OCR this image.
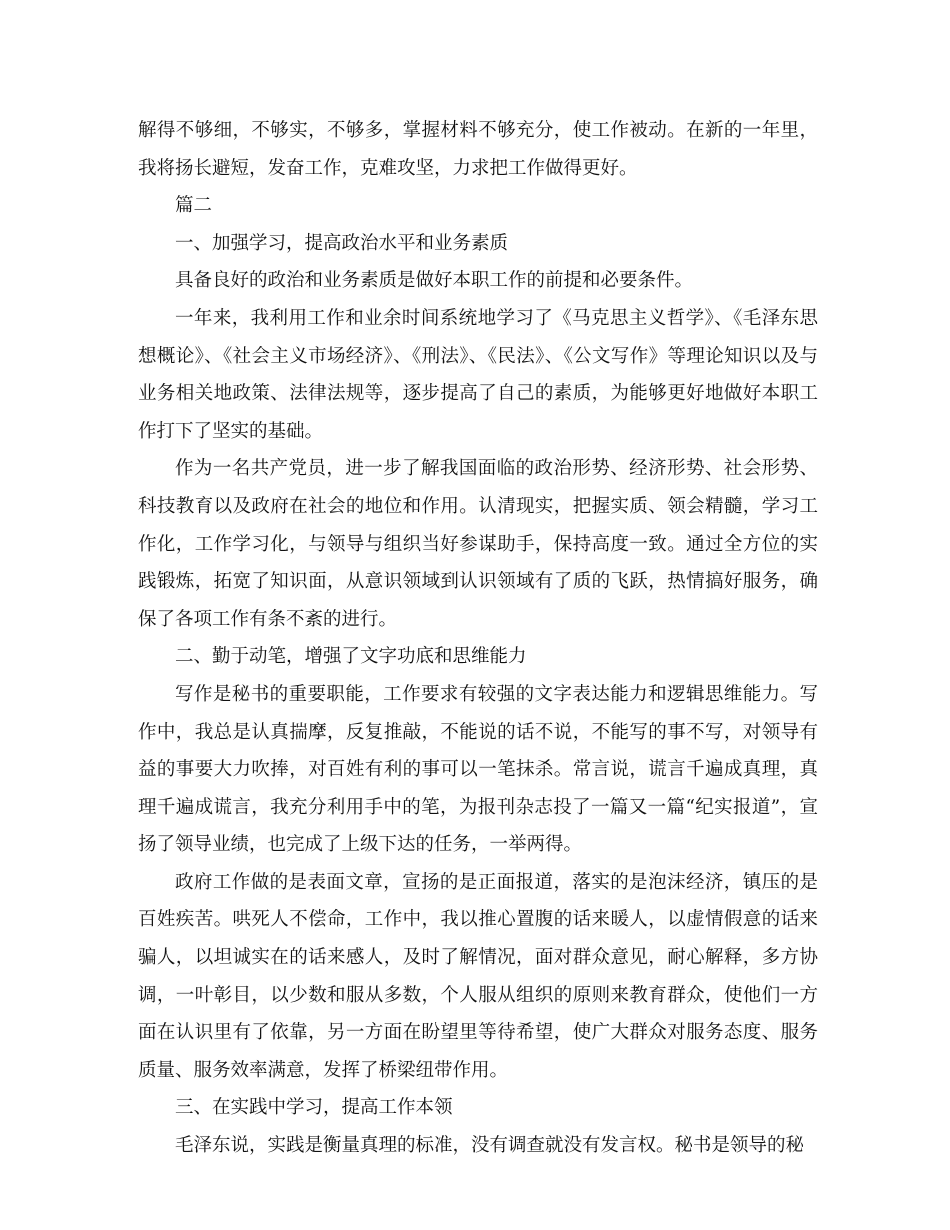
解得不够细，不够实，不够多，掌握材料不够充分，使工作被动。在新的一年里，我将扬长避短，发奋工作，克难攻坚，力求把工作做得更好。

篇二

一、加强学习，提高政治水平和业务素质

具备良好的政治和业务素质是做好本职工作的前提和必要条件。

一年来，我利用工作和业余时间系统地学习了《马克思主义哲学》、《毛泽东思想概论》、《社会主义市场经济》、《刑法》、《民法》、《公文写作》等理论知识以及与业务相关地政策、法律法规等，逐步提高了自己的素质，为能够更好地做好本职工作打下了坚实的基础。

作为一名共产党员，进一步了解我国面临的政治形势、经济形势、社会形势、科技教育以及政府在社会的地位和作用。认清现实，把握实质、领会精髓，学习工作化，工作学习化，与领导与组织当好参谋助手，保持高度一致。通过全方位的实践锻炼，拓宽了知识面，从意识领域到认识领域有了质的飞跃，热情搞好服务，确保了各项工作有条不紊的进行。

二、勤于动笔，增强了文字功底和思维能力

写作是秘书的重要职能，工作要求有较强的文字表达能力和逻辑思维能力。写作中，我总是认真揣摩，反复推敲，不能说的话不说，不能写的事不写，对领导有益的事要大力吹捧，对百姓有利的事可以一笔抹杀。常言说，谎言千遍成真理，真理千遍成谎言，我充分利用手中的笔，为报刊杂志投了一篇又一篇“纪实报道”，宣扬了领导业绩，也完成了上级下达的任务，一举两得。

政府工作做的是表面文章，宣扬的是正面报道，落实的是泡沫经济，镇压的是百姓疾苦。哄死人不偿命，工作中，我以推心置腹的话来暖人，以虚情假意的话来骗人，以坦诚实在的话来感人，及时了解情况，面对群众意见，耐心解释，多方协调，一叶彰目，以少数和服从多数，个人服从组织的原则来教育群众，使他们一方面在认识里有了依靠，另一方面在盼望里等待希望，使广大群众对服务态度、服务质量、服务效率满意，发挥了桥梁纽带作用。

三、在实践中学习，提高工作本领

毛泽东说，实践是衡量真理的标准，没有调查就没有发言权。秘书是领导的秘
